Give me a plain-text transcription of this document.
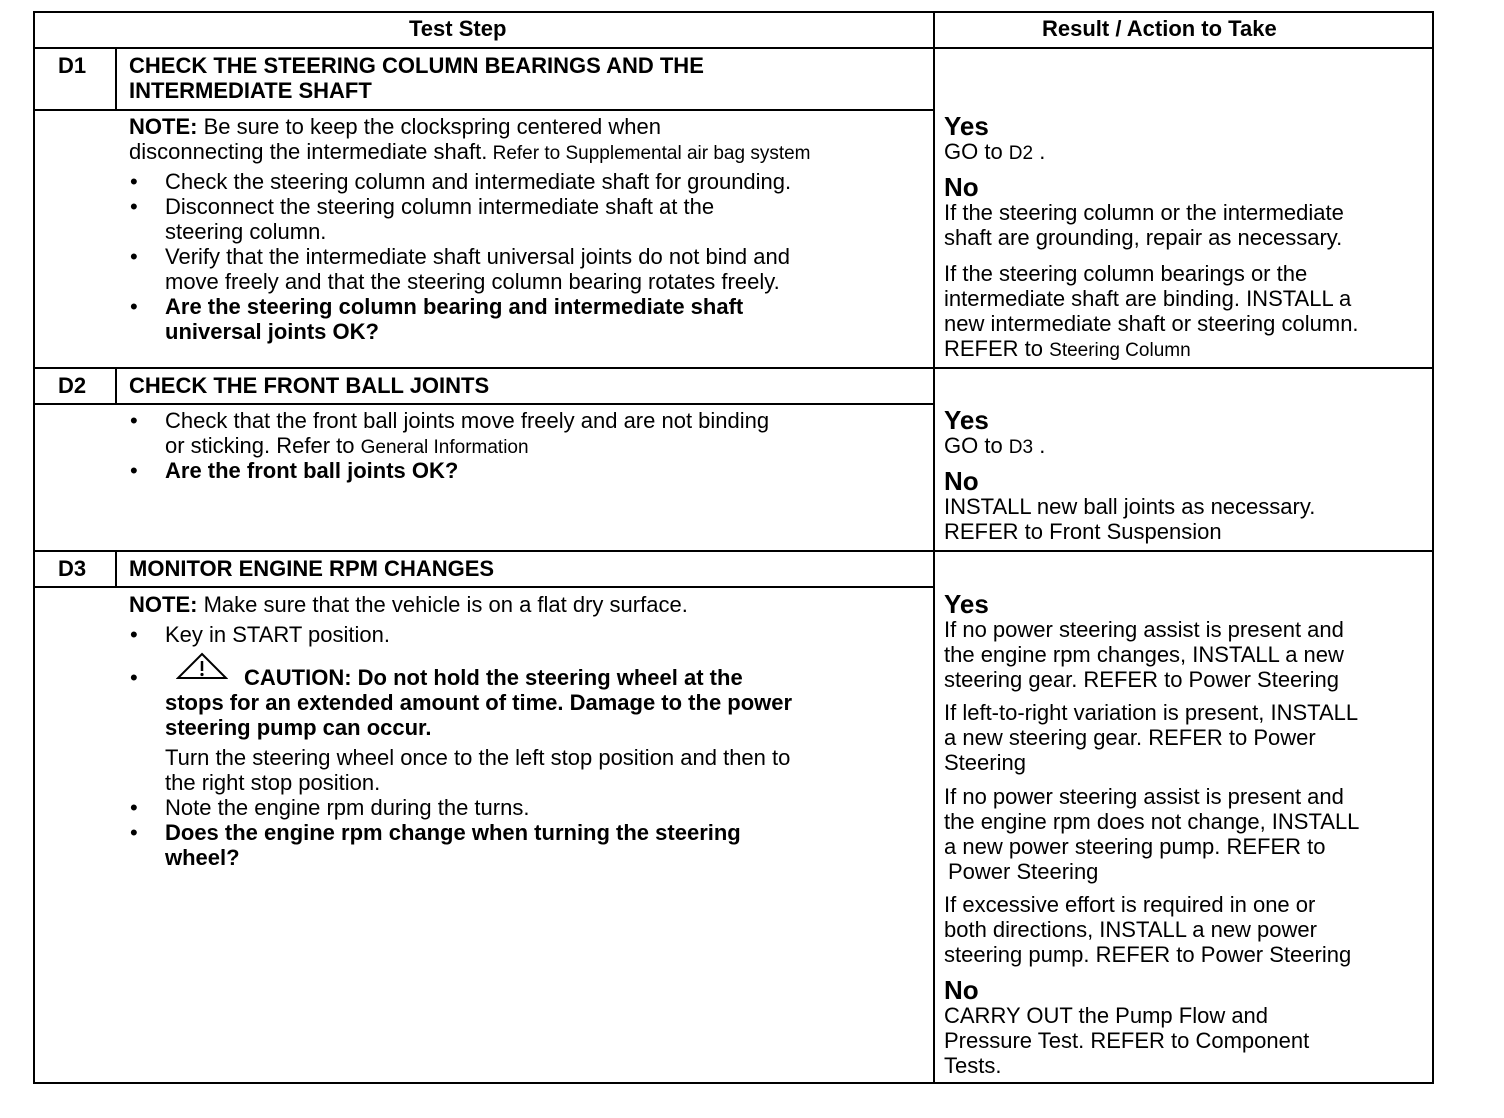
Test Step	Result / Action to Take
D1 CHECK THE STEERING COLUMN BEARINGS AND THE
INTERMEDIATE SHAFT
NOTE: Be sure to keep the clockspring centered when
disconnecting the intermediate shaft. Refer to Supplemental air bag system
• Check the steering column and intermediate shaft for grounding.
• Disconnect the steering column intermediate shaft at the
steering column.
• Verify that the intermediate shaft universal joints do not bind and
move freely and that the steering column bearing rotates freely.
• Are the steering column bearing and intermediate shaft
universal joints OK?
Yes
GO to D2 .
No
If the steering column or the intermediate
shaft are grounding, repair as necessary.
If the steering column bearings or the
intermediate shaft are binding. INSTALL a
new intermediate shaft or steering column.
REFER to Steering Column
D2 CHECK THE FRONT BALL JOINTS
• Check that the front ball joints move freely and are not binding
or sticking. Refer to General Information
• Are the front ball joints OK?
Yes
GO to D3 .
No
INSTALL new ball joints as necessary.
REFER to Front Suspension
D3 MONITOR ENGINE RPM CHANGES
NOTE: Make sure that the vehicle is on a flat dry surface.
• Key in START position.
•	CAUTION: Do not hold the steering wheel at the
stops for an extended amount of time. Damage to the power
steering pump can occur.
Turn the steering wheel once to the left stop position and then to
the right stop position.
• Note the engine rpm during the turns.
• Does the engine rpm change when turning the steering
wheel?
Yes
If no power steering assist is present and
the engine rpm changes, INSTALL a new
steering gear. REFER to Power Steering
If left-to-right variation is present, INSTALL
a new steering gear. REFER to Power
Steering
If no power steering assist is present and
the engine rpm does not change, INSTALL
a new power steering pump. REFER to
Power Steering
If excessive effort is required in one or
both directions, INSTALL a new power
steering pump. REFER to Power Steering
No
CARRY OUT the Pump Flow and
Pressure Test. REFER to Component
Tests.
